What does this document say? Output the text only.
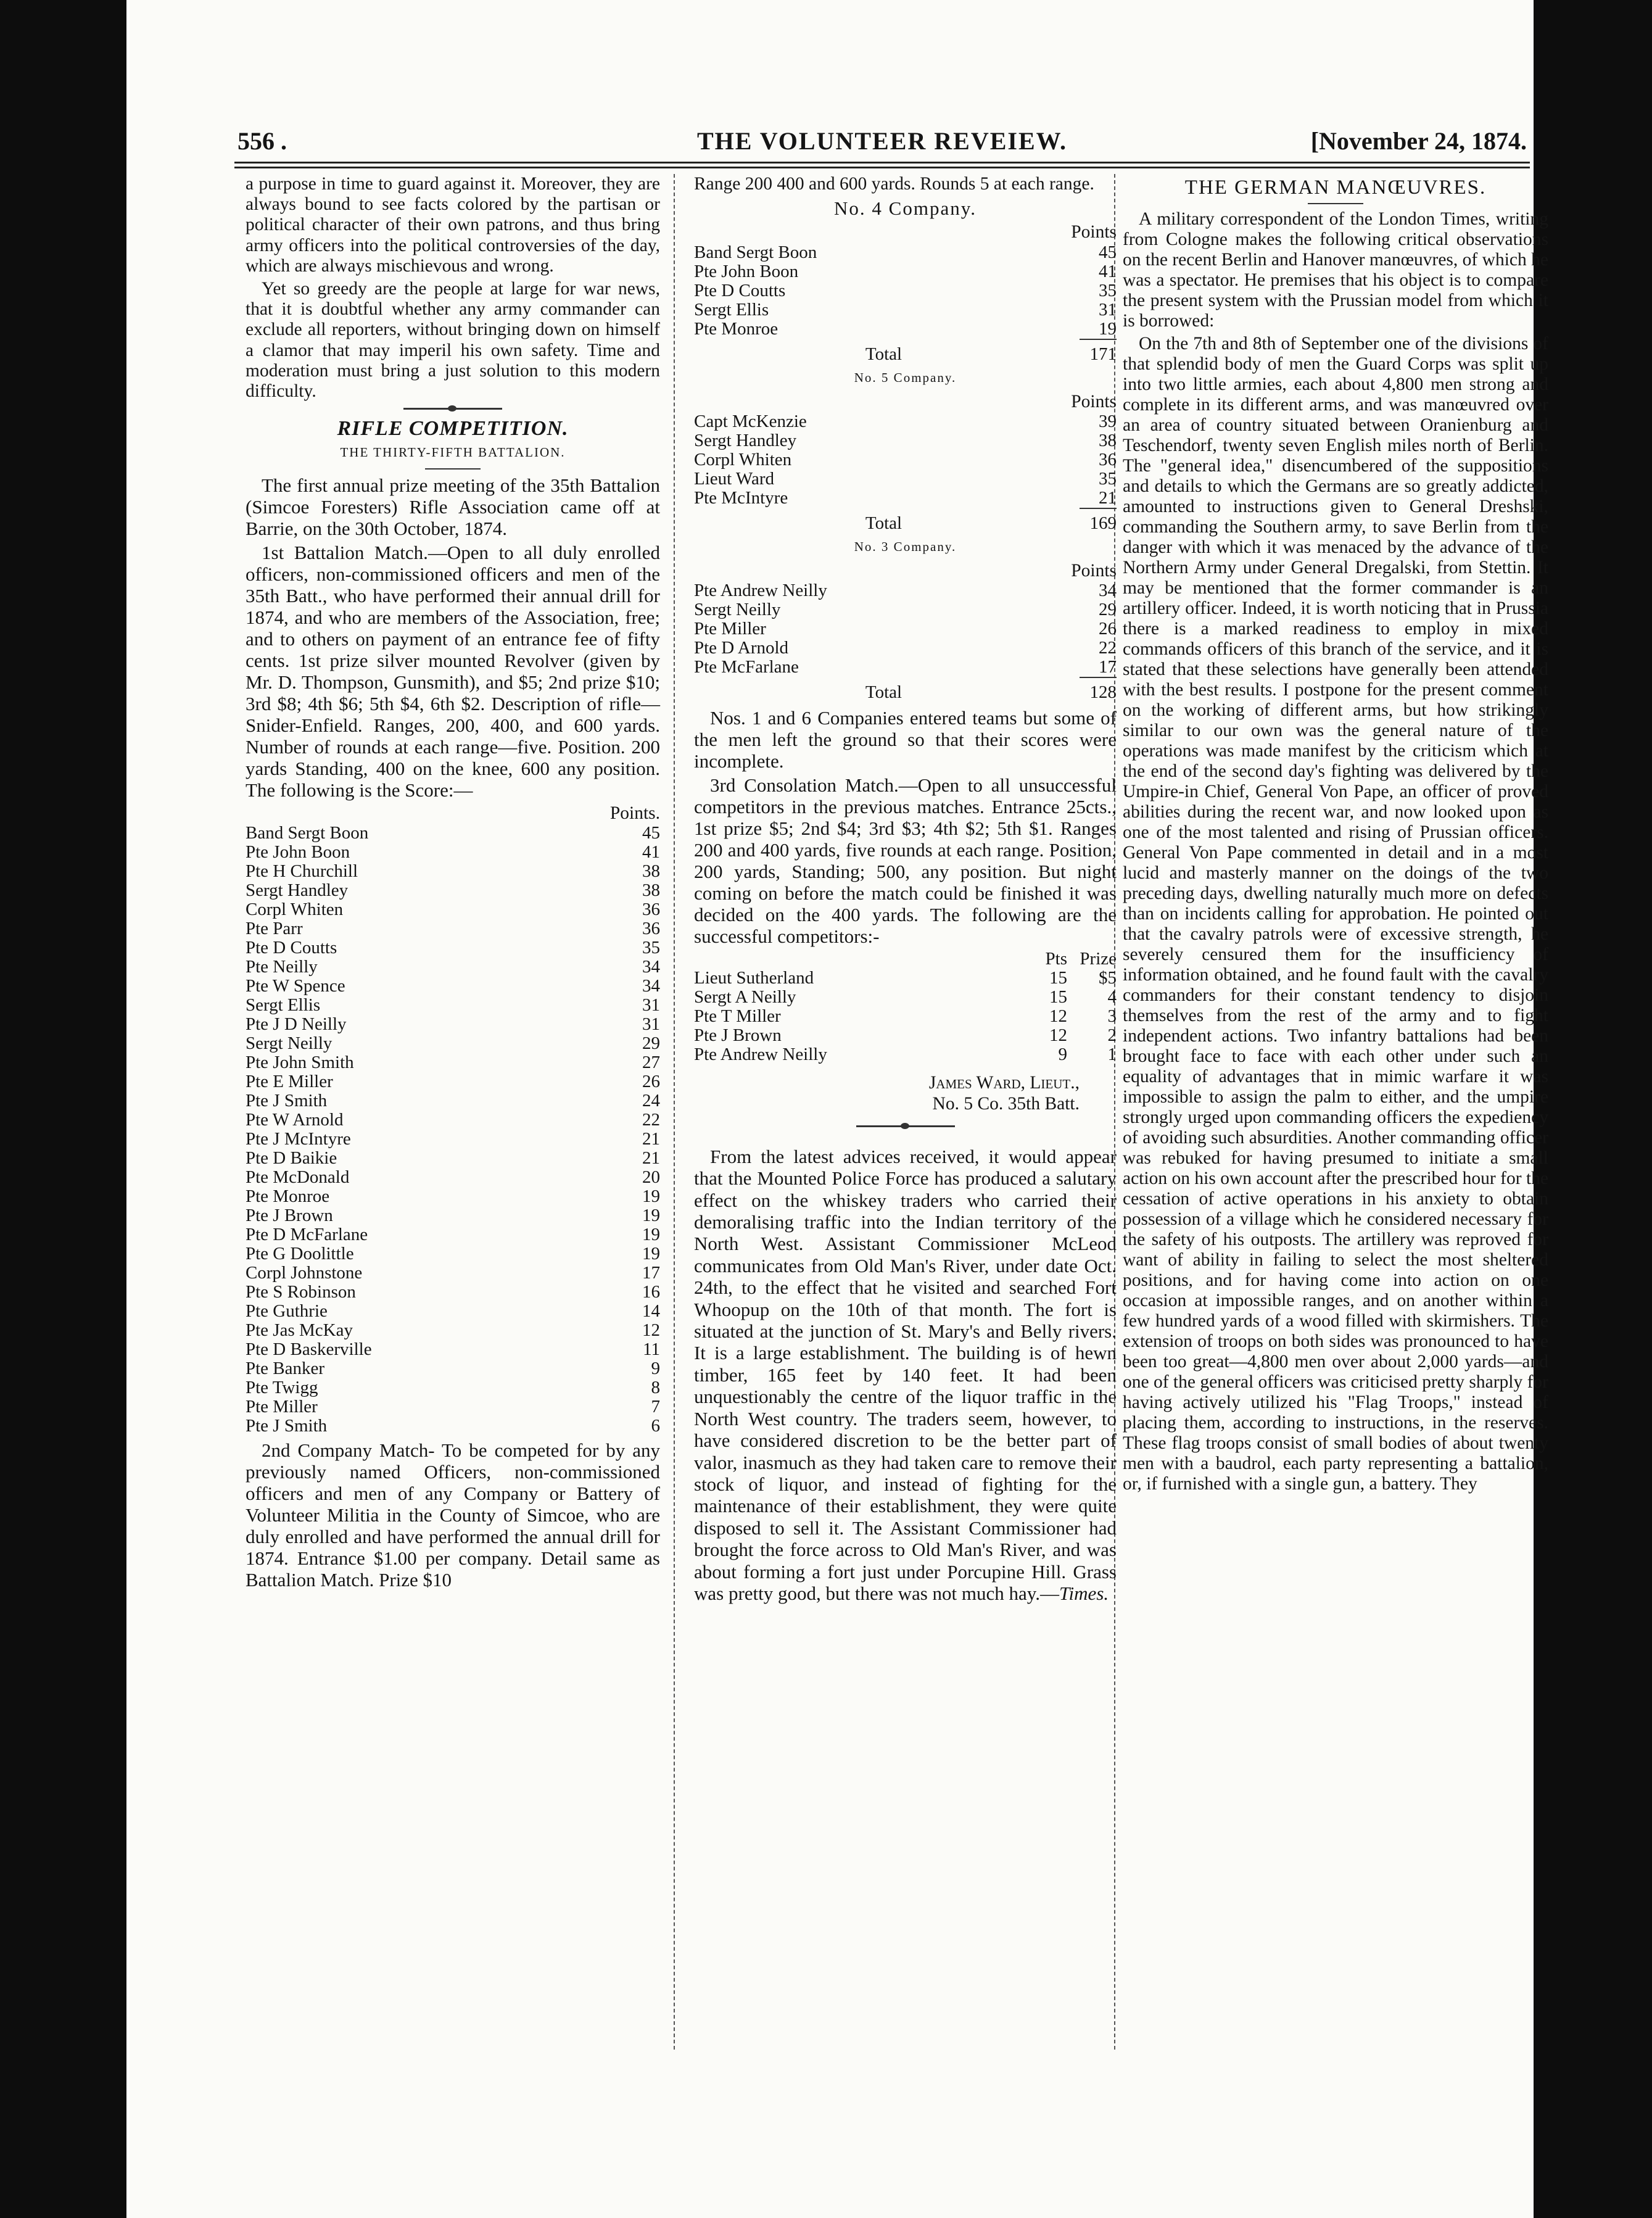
THE VOLUNTEER REVEIEW.
556 .	[November 24, 1874.

a purpose in time to guard against it. Moreover, they are always bound to see facts colored by the partisan or political character of their own patrons, and thus bring army officers into the political controversies of the day, which are always mischievous and wrong.

Yet so greedy are the people at large for war news, that it is doubtful whether any army commander can exclude all reporters, without bringing down on himself a clamor that may imperil his own safety. Time and moderation must bring a just solution to this modern difficulty.

RIFLE COMPETITION.
THE THIRTY-FIFTH BATTALION.

The first annual prize meeting of the 35th Battalion (Simcoe Foresters) Rifle Association came off at Barrie, on the 30th October, 1874.

1st Battalion Match.—Open to all duly enrolled officers, non-commissioned officers and men of the 35th Batt., who have performed their annual drill for 1874, and who are members of the Association, free; and to others on payment of an entrance fee of fifty cents. 1st prize silver mounted Revolver (given by Mr. D. Thompson, Gunsmith), and $5; 2nd prize $10; 3rd $8; 4th $6; 5th $4, 6th $2. Description of rifle—Snider-Enfield. Ranges, 200, 400, and 600 yards. Number of rounds at each range—five. Position. 200 yards Standing, 400 on the knee, 600 any position. The following is the Score:—

Points.
Band Sergt Boon	45
Pte John Boon	41
Pte H Churchill	38
Sergt Handley	38
Corpl Whiten	36
Pte Parr	36
Pte D Coutts	35
Pte Neilly	34
Pte W Spence	34
Sergt Ellis	31
Pte J D Neilly	31
Sergt Neilly	29
Pte John Smith	27
Pte E Miller	26
Pte J Smith	24
Pte W Arnold	22
Pte J McIntyre	21
Pte D Baikie	21
Pte McDonald	20
Pte Monroe	19
Pte J Brown	19
Pte D McFarlane	19
Pte G Doolittle	19
Corpl Johnstone	17
Pte S Robinson	16
Pte Guthrie	14
Pte Jas McKay	12
Pte D Baskerville	11
Pte Banker	9
Pte Twigg	8
Pte Miller	7
Pte J Smith	6

2nd Company Match- To be competed for by any previously named Officers, non-commissioned officers and men of any Company or Battery of Volunteer Militia in the County of Simcoe, who are duly enrolled and have performed the annual drill for 1874. Entrance $1.00 per company. Detail same as Battalion Match. Prize $10

Range 200 400 and 600 yards. Rounds 5 at each range.

No. 4 Company.
Points
Band Sergt Boon	45
Pte John Boon	41
Pte D Coutts	35
Sergt Ellis	31
Pte Monroe	19
Total	171
No. 5 Company.
Points
Capt McKenzie	39
Sergt Handley	38
Corpl Whiten	36
Lieut Ward	35
Pte McIntyre	21
Total	169
No. 3 Company.
Points
Pte Andrew Neilly	34
Sergt Neilly	29
Pte Miller	26
Pte D Arnold	22
Pte McFarlane	17
Total	128

Nos. 1 and 6 Companies entered teams but some of the men left the ground so that their scores were incomplete.

3rd Consolation Match.—Open to all unsuccessful competitors in the previous matches. Entrance 25cts., 1st prize $5; 2nd $4; 3rd $3; 4th $2; 5th $1. Ranges 200 and 400 yards, five rounds at each range. Position, 200 yards, Standing; 500, any position. But night coming on before the match could be finished it was decided on the 400 yards. The following are the successful competitors:-

	Pts	Prize
Lieut Sutherland	15	$5
Sergt A Neilly	15	4
Pte T Miller	12	3
Pte J Brown	12	2
Pte Andrew Neilly	9	1
James Ward, Lieut.,
No. 5 Co. 35th Batt.

From the latest advices received, it would appear that the Mounted Police Force has produced a salutary effect on the whiskey traders who carried their demoralising traffic into the Indian territory of the North West. Assistant Commissioner McLeod communicates from Old Man's River, under date Oct. 24th, to the effect that he visited and searched Fort Whoopup on the 10th of that month. The fort is situated at the junction of St. Mary's and Belly rivers. It is a large establishment. The building is of hewn timber, 165 feet by 140 feet. It had been unquestionably the centre of the liquor traffic in the North West country. The traders seem, however, to have considered discretion to be the better part of valor, inasmuch as they had taken care to remove their stock of liquor, and instead of fighting for the maintenance of their establishment, they were quite disposed to sell it. The Assistant Commissioner had brought the force across to Old Man's River, and was about forming a fort just under Porcupine Hill. Grass was pretty good, but there was not much hay.—Times.

THE GERMAN MANŒUVRES.

A military correspondent of the London Times, writing from Cologne makes the following critical observations on the recent Berlin and Hanover manœuvres, of which he was a spectator. He premises that his object is to compare the present system with the Prussian model from which it is borrowed:

On the 7th and 8th of September one of the divisions of that splendid body of men the Guard Corps was split up into two little armies, each about 4,800 men strong and complete in its different arms, and was manœuvred over an area of country situated between Oranienburg and Teschendorf, twenty seven English miles north of Berlin. The "general idea," disencumbered of the suppositions and details to which the Germans are so greatly addicted, amounted to instructions given to General Dreshski, commanding the Southern army, to save Berlin from the danger with which it was menaced by the advance of the Northern Army under General Dregalski, from Stettin. It may be mentioned that the former commander is an artillery officer. Indeed, it is worth noticing that in Prussia there is a marked readiness to employ in mixed commands officers of this branch of the service, and it is stated that these selections have generally been attended with the best results. I postpone for the present comment on the working of different arms, but how strikingly similar to our own was the general nature of the operations was made manifest by the criticism which at the end of the second day's fighting was delivered by the Umpire-in Chief, General Von Pape, an officer of proved abilities during the recent war, and now looked upon as one of the most talented and rising of Prussian officers. General Von Pape commented in detail and in a most lucid and masterly manner on the doings of the two preceding days, dwelling naturally much more on defects than on incidents calling for approbation. He pointed out that the cavalry patrols were of excessive strength, he severely censured them for the insufficiency of information obtained, and he found fault with the cavalry commanders for their constant tendency to disjoin themselves from the rest of the army and to fight independent actions. Two infantry battalions had been brought face to face with each other under such an equality of advantages that in mimic warfare it was impossible to assign the palm to either, and the umpire strongly urged upon commanding officers the expediency of avoiding such absurdities. Another commanding officer was rebuked for having presumed to initiate a small action on his own account after the prescribed hour for the cessation of active operations in his anxiety to obtain possession of a village which he considered necessary for the safety of his outposts. The artillery was reproved for want of ability in failing to select the most sheltered positions, and for having come into action on one occasion at impossible ranges, and on another within a few hundred yards of a wood filled with skirmishers. The extension of troops on both sides was pronounced to have been too great—4,800 men over about 2,000 yards—and one of the general officers was criticised pretty sharply for having actively utilized his "Flag Troops," instead of placing them, according to instructions, in the reserves. These flag troops consist of small bodies of about twenty men with a baudrol, each party representing a battalion, or, if furnished with a single gun, a battery. They
